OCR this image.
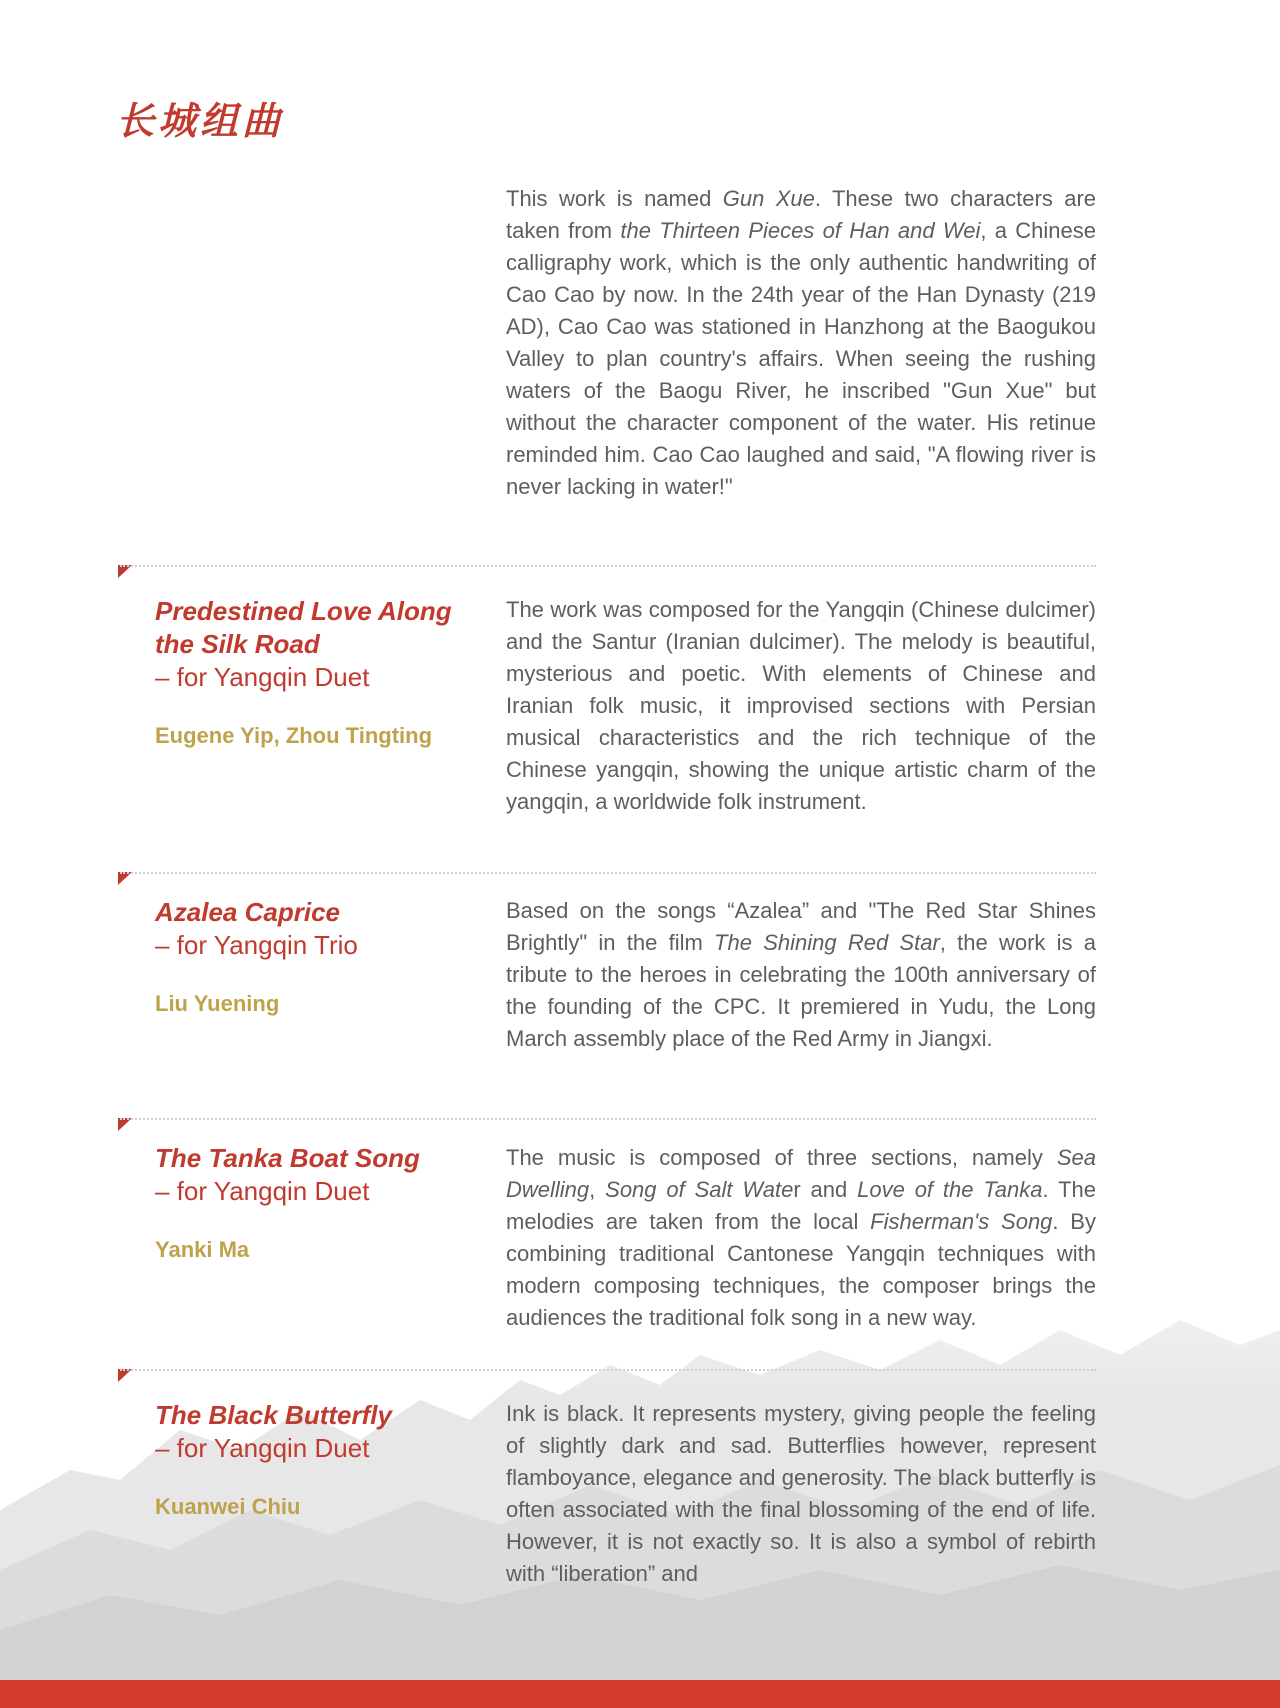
长城组曲

This work is named Gun Xue. These two characters are taken from the Thirteen Pieces of Han and Wei, a Chinese calligraphy work, which is the only authentic handwriting of Cao Cao by now. In the 24th year of the Han Dynasty (219 AD), Cao Cao was stationed in Hanzhong at the Baogukou Valley to plan country's affairs. When seeing the rushing waters of the Baogu River, he inscribed "Gun Xue" but without the character component of the water. His retinue reminded him. Cao Cao laughed and said, "A flowing river is never lacking in water!"

Predestined Love Along the Silk Road

– for Yangqin Duet

Eugene Yip, Zhou Tingting

The work was composed for the Yangqin (Chinese dulcimer) and the Santur (Iranian dulcimer). The melody is beautiful, mysterious and poetic. With elements of Chinese and Iranian folk music, it improvised sections with Persian musical characteristics and the rich technique of the Chinese yangqin, showing the unique artistic charm of the yangqin, a worldwide folk instrument.

Azalea Caprice

– for Yangqin Trio

Liu Yuening

Based on the songs “Azalea” and "The Red Star Shines Brightly" in the film The Shining Red Star, the work is a tribute to the heroes in celebrating the 100th anniversary of the founding of the CPC. It premiered in Yudu, the Long March assembly place of the Red Army in Jiangxi.

The Tanka Boat Song

– for Yangqin Duet

Yanki Ma

The music is composed of three sections, namely Sea Dwelling, Song of Salt Water and Love of the Tanka. The melodies are taken from the local Fisherman's Song. By combining traditional Cantonese Yangqin techniques with modern composing techniques, the composer brings the audiences the traditional folk song in a new way.

The Black Butterfly

– for Yangqin Duet

Kuanwei Chiu

Ink is black. It represents mystery, giving people the feeling of slightly dark and sad. Butterflies however, represent flamboyance, elegance and generosity. The black butterfly is often associated with the final blossoming of the end of life. However, it is not exactly so. It is also a symbol of rebirth with “liberation” and
